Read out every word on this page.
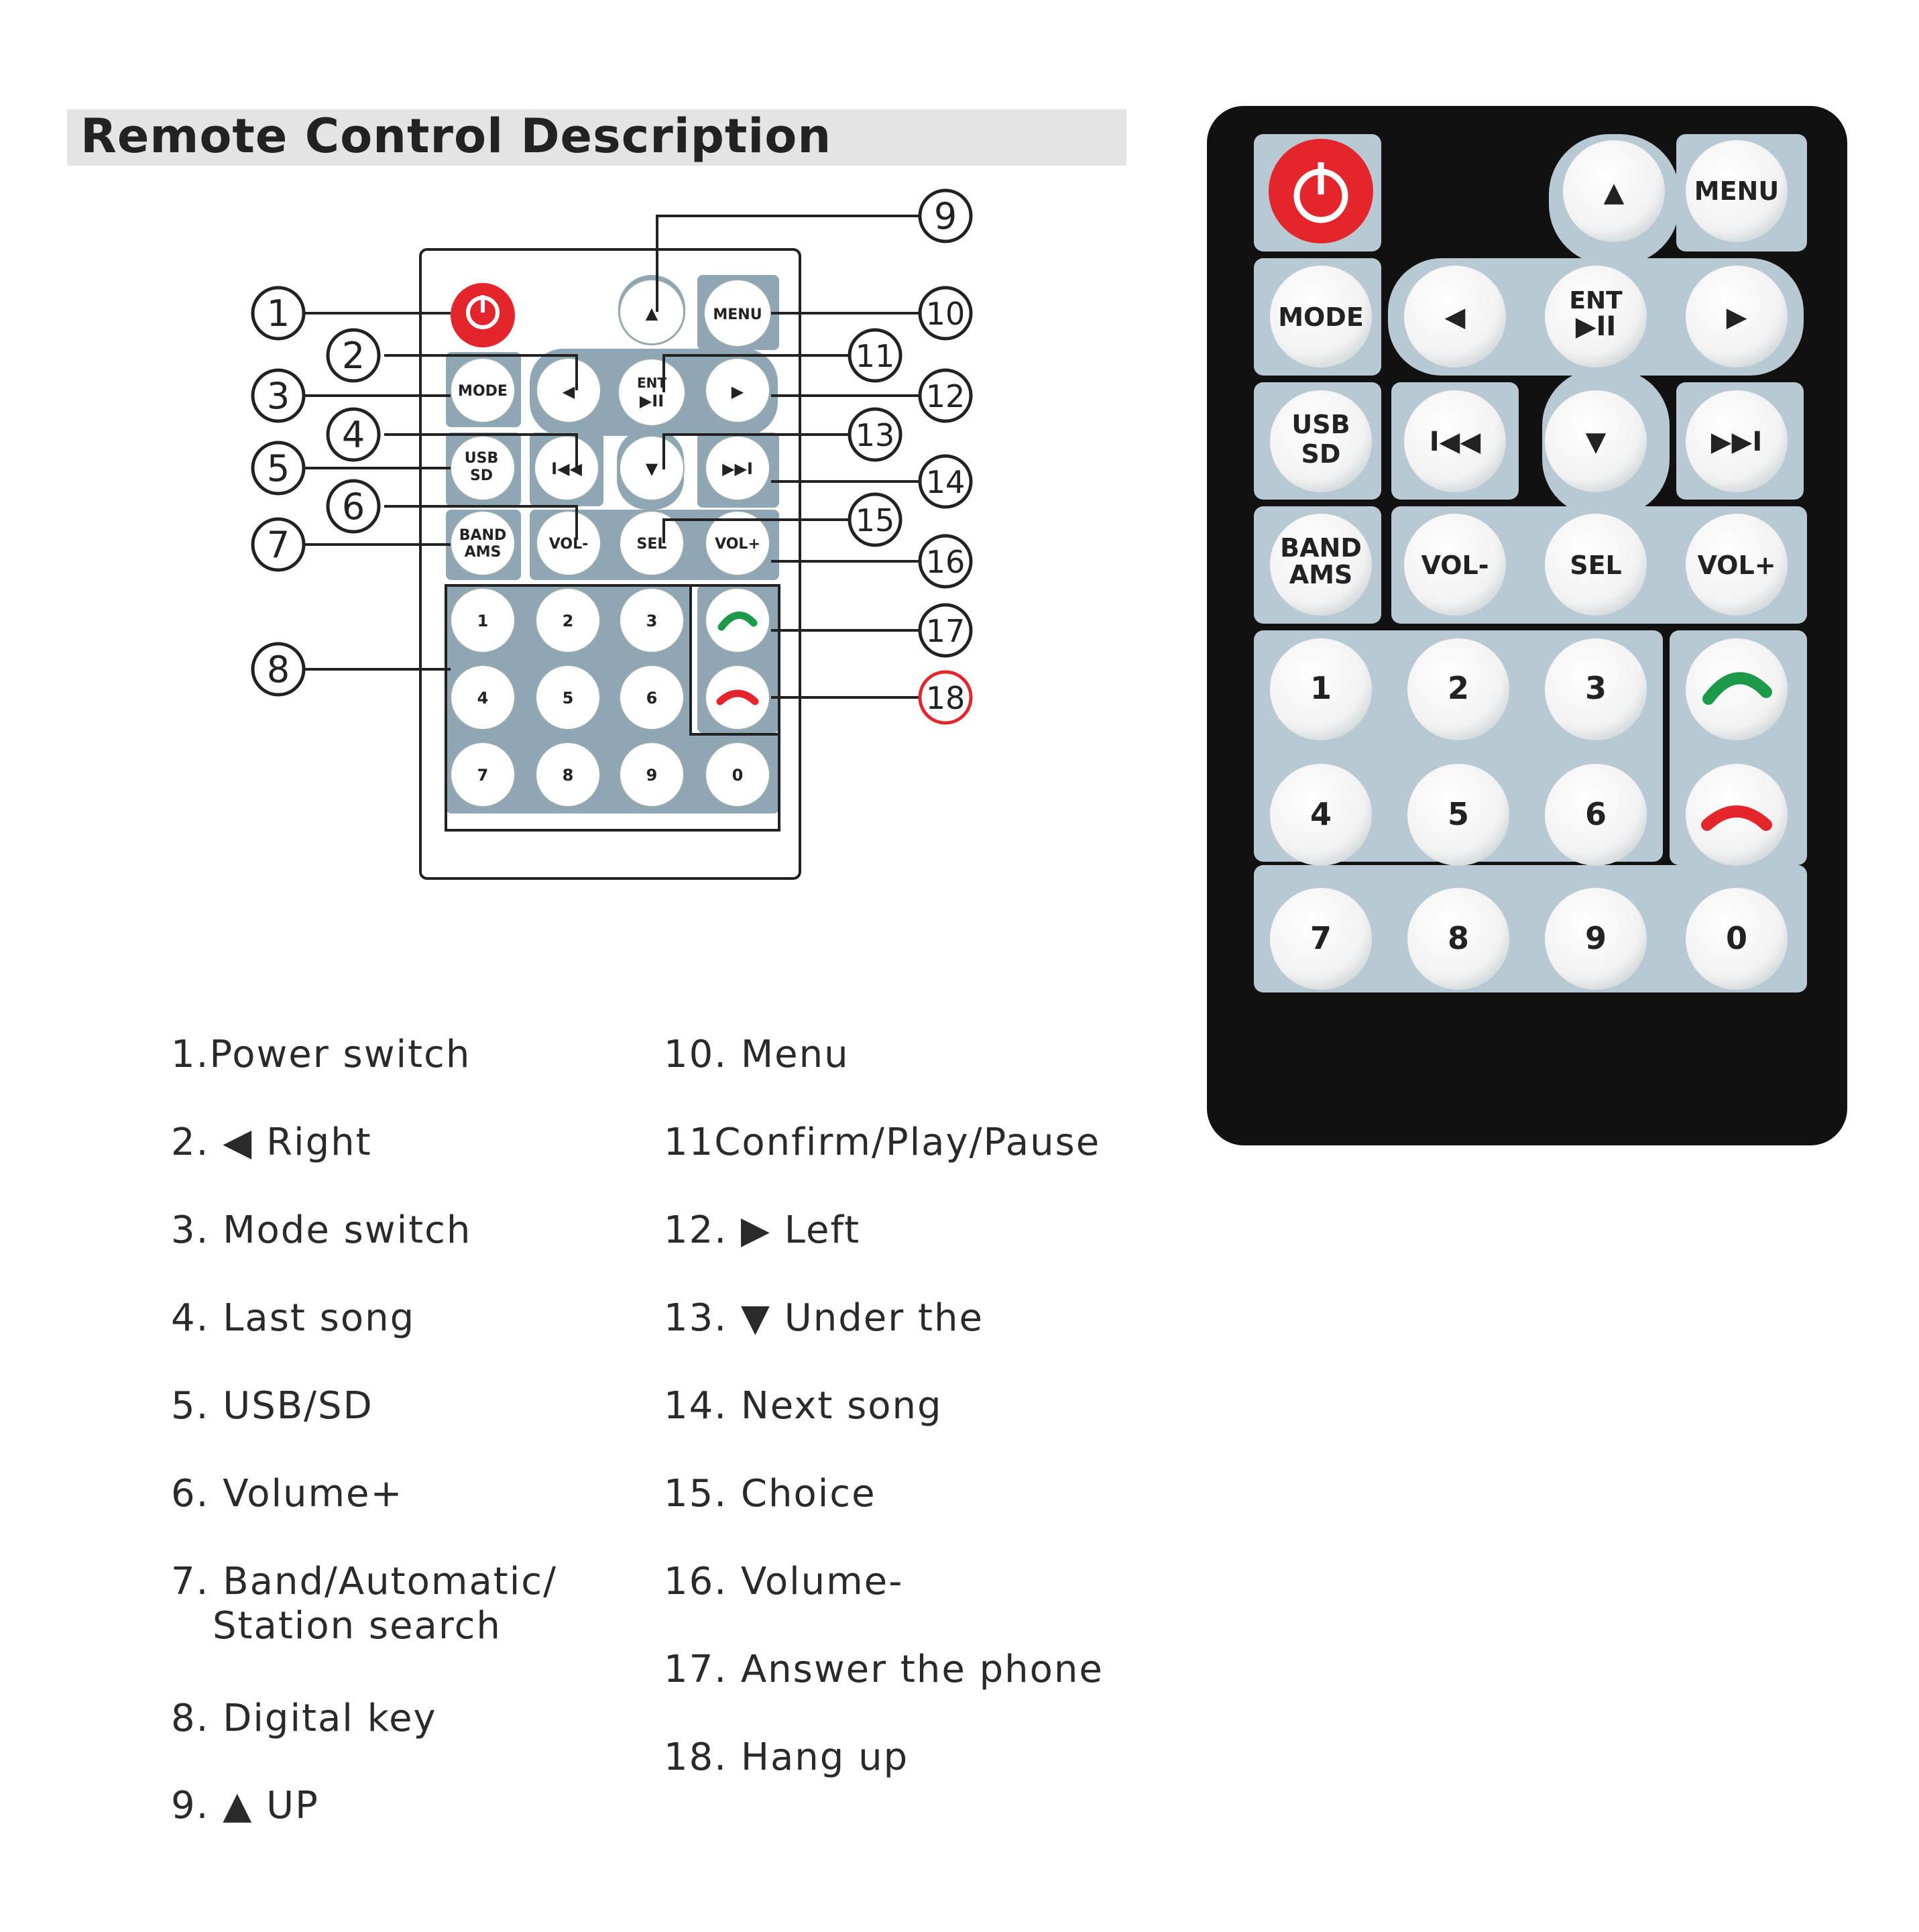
Remote Control Description
▲	MENU
MODE	◀	ENT
▶II	▶
USB
SD	I◀◀	▼	▶▶I
BAND
AMS	VOL-	SEL	VOL+
1	2	3
4	5	6
7	8	9	0
1
2
3
4
5
6
7
8
9
10
11
12
13
14
15
16
17
18
▲	MENU
MODE	◀
ENT
▶II	▶
USB
SD	I◀◀	▼	▶▶I
BAND
AMS	VOL-	SEL	VOL+
1	2	3
4	5	6
7	8	9	0
1.Power switch
2. ◀ Right
3. Mode switch
4. Last song
5. USB/SD
6. Volume+
7. Band/Automatic/
Station search
8. Digital key
9. ▲ UP
10. Menu
11Confirm/Play/Pause
12. ▶ Left
13. ▼ Under the
14. Next song
15. Choice
16. Volume-
17. Answer the phone
18. Hang up
